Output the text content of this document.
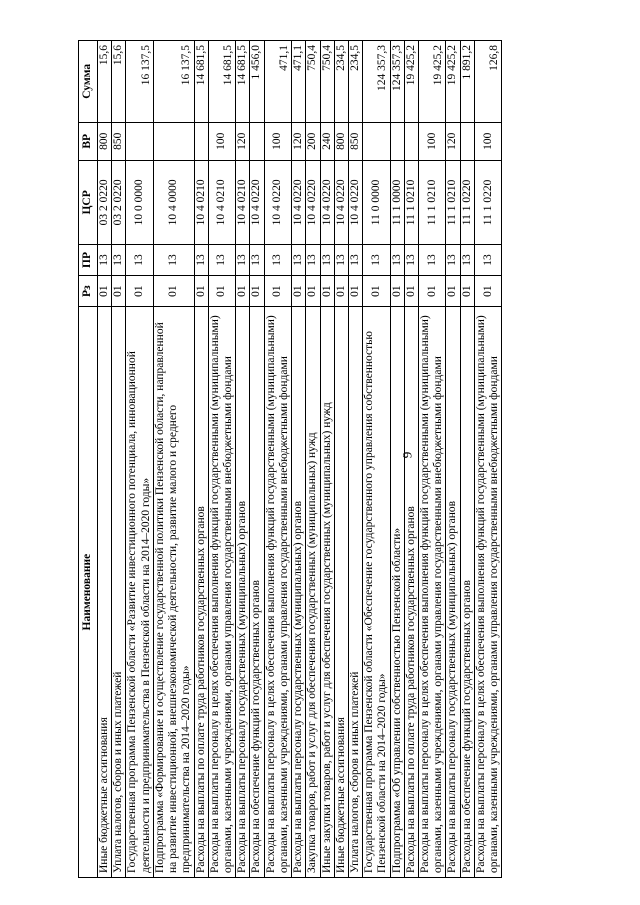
9
Наименование	Рз	ПР	ЦСР	ВР	Сумма
Иные бюджетные ассигнования	01	13	03 2 0220	800	15,6
Уплата налогов, сборов и иных платежей	01	13	03 2 0220	850	15,6
Государственная программа Пензенской области «Развитие инвестиционного потенциала, инновационной деятельности и предпринимательства в Пензенской области на 2014–2020 годы»	01	13	10 0 0000		16 137,5
Подпрограмма «Формирование и осуществление государственной политики Пензенской области, направленной на развитие инвестиционной, внешнеэкономической деятельности, развитие малого и среднего предпринимательства на 2014–2020 годы»	01	13	10 4 0000		16 137,5
Расходы на выплаты по оплате труда работников государственных органов	01	13	10 4 0210		14 681,5
Расходы на выплаты персоналу в целях обеспечения выполнения функций государственными (муниципальными) органами, казенными учреждениями, органами управления государственными внебюджетными фондами	01	13	10 4 0210	100	14 681,5
Расходы на выплаты персоналу государственных (муниципальных) органов	01	13	10 4 0210	120	14 681,5
Расходы на обеспечение функций государственных органов	01	13	10 4 0220		1 456,0
Расходы на выплаты персоналу в целях обеспечения выполнения функций государственными (муниципальными) органами, казенными учреждениями, органами управления государственными внебюджетными фондами	01	13	10 4 0220	100	471,1
Расходы на выплаты персоналу государственных (муниципальных) органов	01	13	10 4 0220	120	471,1
Закупка товаров, работ и услуг для обеспечения государственных (муниципальных) нужд	01	13	10 4 0220	200	750,4
Иные закупки товаров, работ и услуг для обеспечения государственных (муниципальных) нужд	01	13	10 4 0220	240	750,4
Иные бюджетные ассигнования	01	13	10 4 0220	800	234,5
Уплата налогов, сборов и иных платежей	01	13	10 4 0220	850	234,5
Государственная программа Пензенской области «Обеспечение государственного управления собственностью Пензенской области на 2014–2020 годы»	01	13	11 0 0000		124 357,3
Подпрограмма «Об управлении собственностью Пензенской области»	01	13	11 1 0000		124 357,3
Расходы на выплаты по оплате труда работников государственных органов	01	13	11 1 0210		19 425,2
Расходы на выплаты персоналу в целях обеспечения выполнения функций государственными (муниципальными) органами, казенными учреждениями, органами управления государственными внебюджетными фондами	01	13	11 1 0210	100	19 425,2
Расходы на выплаты персоналу государственных (муниципальных) органов	01	13	11 1 0210	120	19 425,2
Расходы на обеспечение функций государственных органов	01	13	11 1 0220		1 891,2
Расходы на выплаты персоналу в целях обеспечения выполнения функций государственными (муниципальными) органами, казенными учреждениями, органами управления государственными внебюджетными фондами	01	13	11 1 0220	100	126,8
